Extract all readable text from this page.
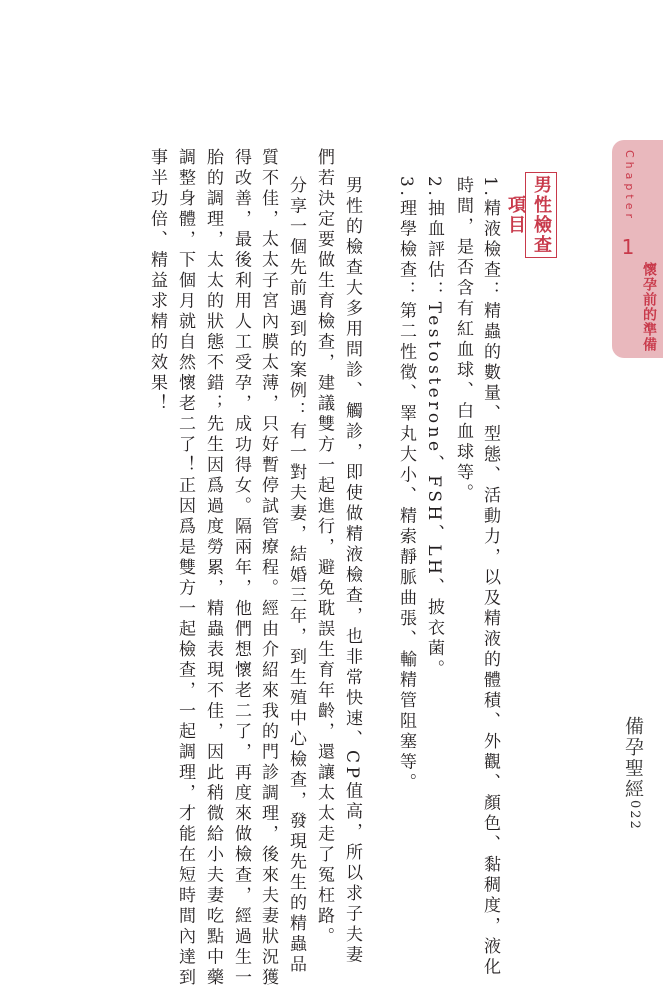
Chapter
1
懷孕前的準備
備孕聖經
022
男性檢查項目
1.精液檢查：精蟲的數量、型態、活動力，以及精液的體積、外觀、顏色、黏稠度，液化
時間，是否含有紅血球、白血球等。
2.抽血評估：Testosterone、FSH、LH、披衣菌。
3.理學檢查：第二性徵、睪丸大小、精索靜脈曲張、輸精管阻塞等。
男性的檢查大多用問診、觸診，即使做精液檢查，也非常快速、CP值高，所以求子夫妻
們若決定要做生育檢查，建議雙方一起進行，避免耽誤生育年齡，還讓太太走了冤枉路。
分享一個先前遇到的案例：有一對夫妻，結婚三年，到生殖中心檢查，發現先生的精蟲品
質不佳，太太子宮內膜太薄，只好暫停試管療程。經由介紹來我的門診調理，後來夫妻狀況獲
得改善，最後利用人工受孕，成功得女。隔兩年，他們想懷老二了，再度來做檢查，經過生一
胎的調理，太太的狀態不錯；先生因爲過度勞累，精蟲表現不佳，因此稍微給小夫妻吃點中藥
調整身體，下個月就自然懷老二了！正因爲是雙方一起檢查，一起調理，才能在短時間內達到
事半功倍、精益求精的效果！
